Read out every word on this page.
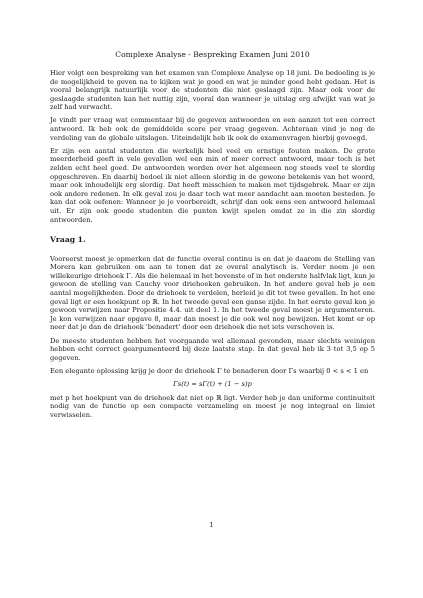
Complexe Analyse - Bespreking Examen Juni 2010

Hier volgt een bespreking van het examen van Complexe Analyse op 18 juni. De bedoeling is je de mogelijkheid te geven na te kijken wat je goed en wat je minder goed hebt gedaan. Het is vooral belangrijk natuurlijk voor de studenten die niet geslaagd zijn. Maar ook voor de geslaagde studenten kan het nuttig zijn, vooral dan wanneer je uitslag erg afwijkt van wat je zelf had verwacht.

Je vindt per vraag wat commentaar bij de gegeven antwoorden en een aanzet tot een correct antwoord. Ik heb ook de gemiddelde score per vraag gegeven. Achteraan vind je nog de verdeling van de globale uitslagen. Uiteindelijk heb ik ook de examenvragen hierbij gevoegd.

Er zijn een aantal studenten die werkelijk heel veel en ernstige fouten maken. De grote meerderheid geeft in vele gevallen wel een min of meer correct antwoord, maar toch is het zelden echt heel goed. De antwoorden worden over het algemeen nog steeds veel te slordig opgeschreven. En daarbij bedoel ik niet alleen slordig in de gewone betekenis van het woord, maar ook inhoudelijk erg slordig. Dat heeft misschien te maken met tijdsgebrek. Maar er zijn ook andere redenen. In elk geval zou je daar toch wat meer aandacht aan moeten besteden. Je kan dat ook oefenen: Wanneer je je voorbereidt, schrijf dan ook eens een antwoord helemaal uit. Er zijn ook goede studenten die punten kwijt spelen omdat ze in die zin slordig antwoorden.

Vraag 1.

Vooreerst moest je opmerken dat de functie overal continu is en dat je daarom de Stelling van Morera kan gebruiken om aan te tonen dat ze overal analytisch is. Verder neem je een willekeurige driehoek Γ. Als die helemaal in het bovenste of in het onderste halfvlak ligt, kun je gewoon de stelling van Cauchy voor driehoeken gebruiken. In het andere geval heb je een aantal mogelijkheden. Door de driehoek te verdelen, herleid je dit tot twee gevallen. In het ene geval ligt er een hoekpunt op ℝ. In het tweede geval een ganse zijde. In het eerste geval kon je gewoon verwijzen naar Propositie 4.4. uit deel 1. In het tweede geval moest je argumenteren. Je kon verwijzen naar opgave 8, maar dan moest je die ook wel nog bewijzen. Het komt er op neer dat je dan de driehoek 'benadert' door een driehoek die net iets verschoven is.

De meeste studenten hebben het voorgaande wel allemaal gevonden, maar slechts weinigen hebben echt correct geargumenteerd bij deze laatste stap. In dat geval heb ik 3 tot 3,5 op 5 gegeven.

Een elegante oplossing krijg je door de driehoek Γ te benaderen door Γs waarbij 0 < s < 1 en

Γs(t) = sΓ(t) + (1 − s)p

met p het hoekpunt van de driehoek dat niet op ℝ ligt. Verder heb je dan uniforme continuiteit nodig van de functie op een compacte verzameling en moest je nog integraal en limiet verwisselen.

1
